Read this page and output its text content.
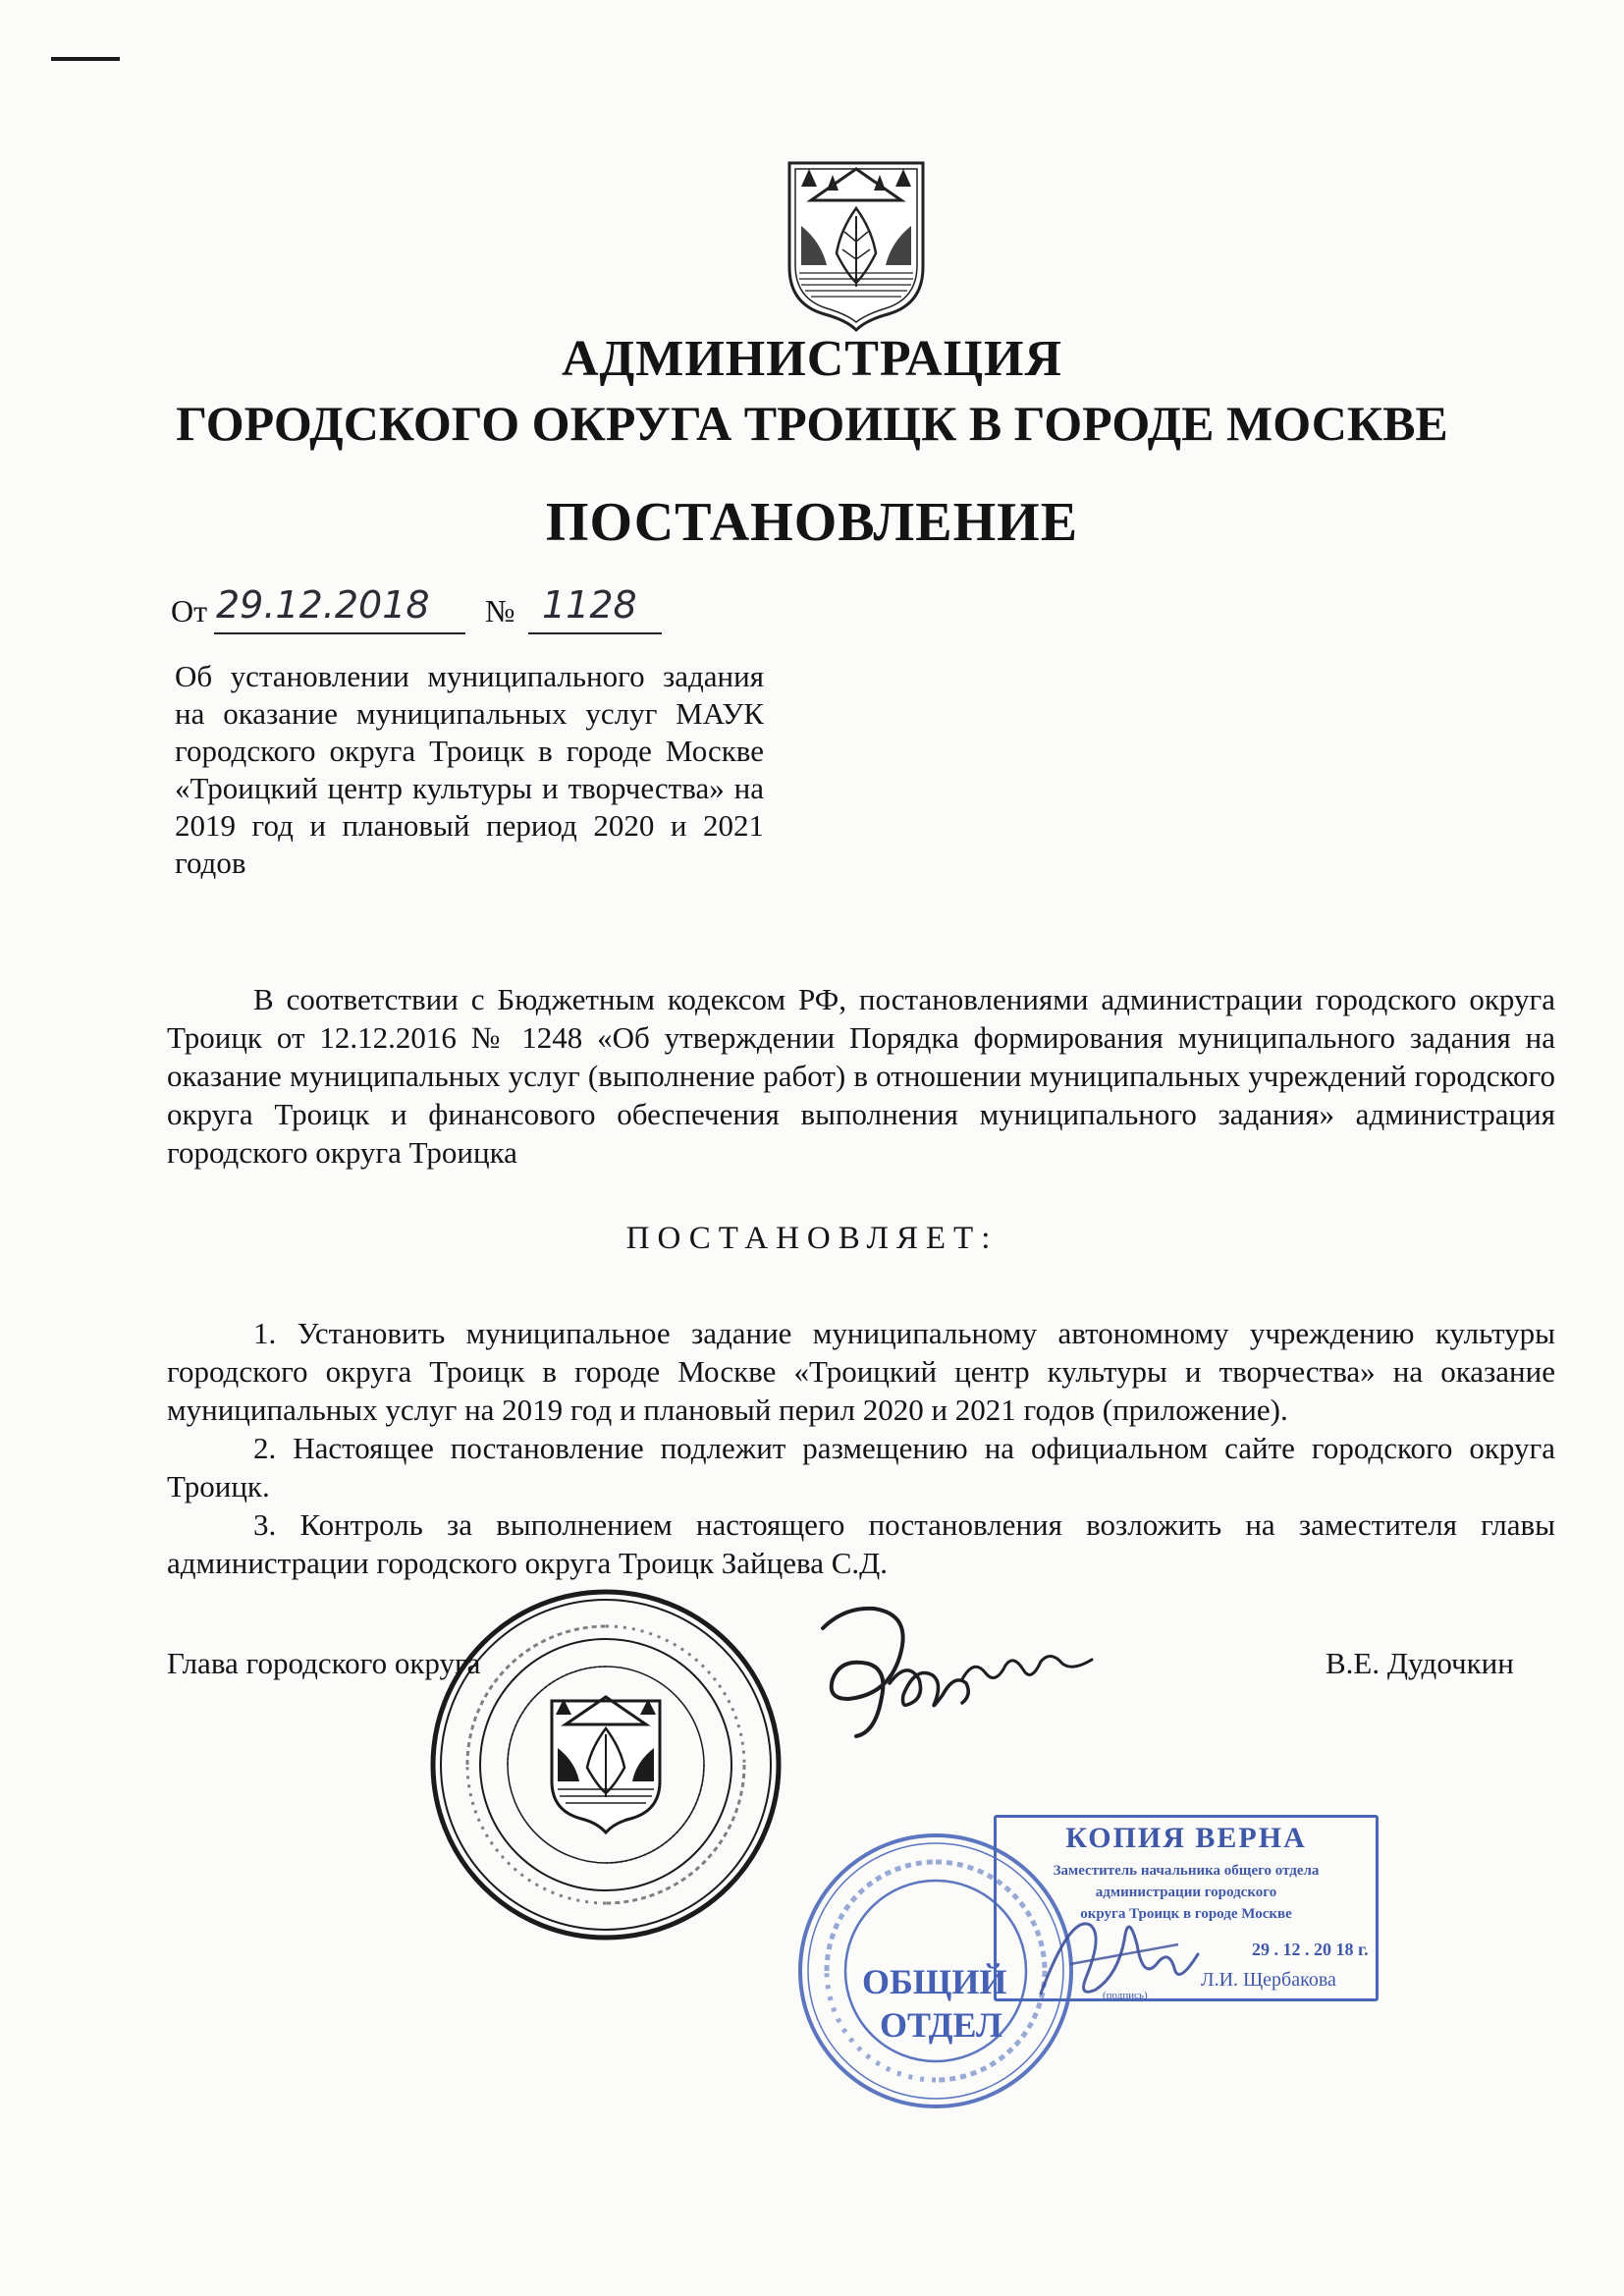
АДМИНИСТРАЦИЯ
ГОРОДСКОГО ОКРУГА ТРОИЦК В ГОРОДЕ МОСКВЕ
ПОСТАНОВЛЕНИЕ
От 29.12.2018 № 1128
Об установлении муниципального задания на оказание муниципальных услуг МАУК городского округа Троицк в городе Москве «Троицкий центр культуры и творчества» на 2019 год и плановый период 2020 и 2021 годов

В соответствии с Бюджетным кодексом РФ, постановлениями администрации городского округа Троицк от 12.12.2016 № 1248 «Об утверждении Порядка формирования муниципального задания на оказание муниципальных услуг (выполнение работ) в отношении муниципальных учреждений городского округа Троицк и финансового обеспечения выполнения муниципального задания» администрация городского округа Троицка

ПОСТАНОВЛЯЕТ:

1. Установить муниципальное задание муниципальному автономному учреждению культуры городского округа Троицк в городе Москве «Троицкий центр культуры и творчества» на оказание муниципальных услуг на 2019 год и плановый перил 2020 и 2021 годов (приложение).

2. Настоящее постановление подлежит размещению на официальном сайте городского округа Троицк.

3. Контроль за выполнением настоящего постановления возложить на заместителя главы администрации городского округа Троицк Зайцева С.Д.

Глава городского округа	В.Е. Дудочкин
ОБЩИЙ
ОТДЕЛ
КОПИЯ ВЕРНА
Заместитель начальника общего отдела
администрации городского
округа Троицк в городе Москве
29 . 12 . 20 18 г.
Л.И. Щербакова
(подпись)
